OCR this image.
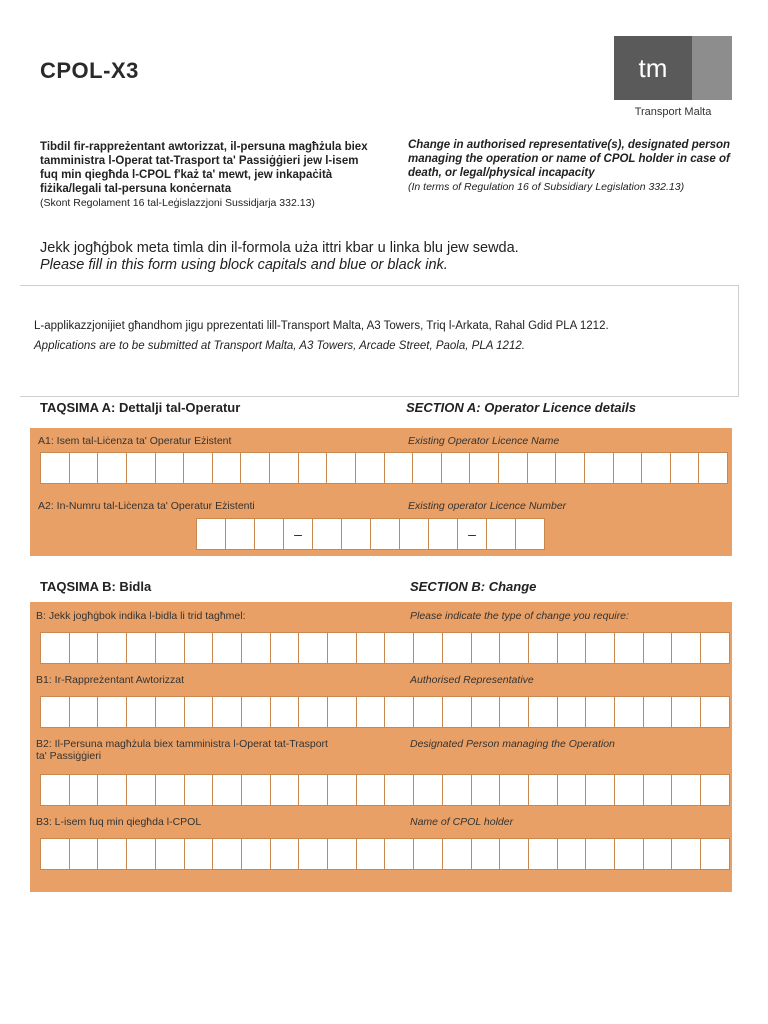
CPOL-X3	tm
Transport Malta
Tibdil fir-rappreżentant awtorizzat, il-persuna magħżula biex tamministra l-Operat tat-Trasport ta' Passiġġieri jew l-isem fuq min qiegħda l-CPOL f'każ ta' mewt, jew inkapaċità fiżika/legali tal-persuna konċernata
(Skont Regolament 16 tal-Leġislazzjoni Sussidjarja 332.13)
Change in authorised representative(s), designated person managing the operation or name of CPOL holder in case of death, or legal/physical incapacity
(In terms of Regulation 16 of Subsidiary Legislation 332.13)
Jekk jogħġbok meta timla din il-formola uża ittri kbar u linka blu jew sewda.
Please fill in this form using block capitals and blue or black ink.
L-applikazzjonijiet għandhom jigu pprezentati lill-Transport Malta, A3 Towers, Triq l-Arkata, Rahal Gdid PLA 1212.
Applications are to be submitted at Transport Malta, A3 Towers, Arcade Street, Paola, PLA 1212.
TAQSIMA A: Dettalji tal-Operatur	SECTION A: Operator Licence details
A1: Isem tal-Liċenza ta' Operatur Eżistent	Existing Operator Licence Name
A2: In-Numru tal-Liċenza ta' Operatur Eżistenti	Existing operator Licence Number
–	–
TAQSIMA B: Bidla	SECTION B: Change
B: Jekk jogħġbok indika l-bidla li trid tagħmel:	Please indicate the type of change you require:
B1: Ir-Rappreżentant Awtorizzat	Authorised Representative
B2: Il-Persuna magħżula biex tamministra l-Operat tat-Trasport ta' Passiġġieri
Designated Person managing the Operation
B3: L-isem fuq min qiegħda l-CPOL	Name of CPOL holder
